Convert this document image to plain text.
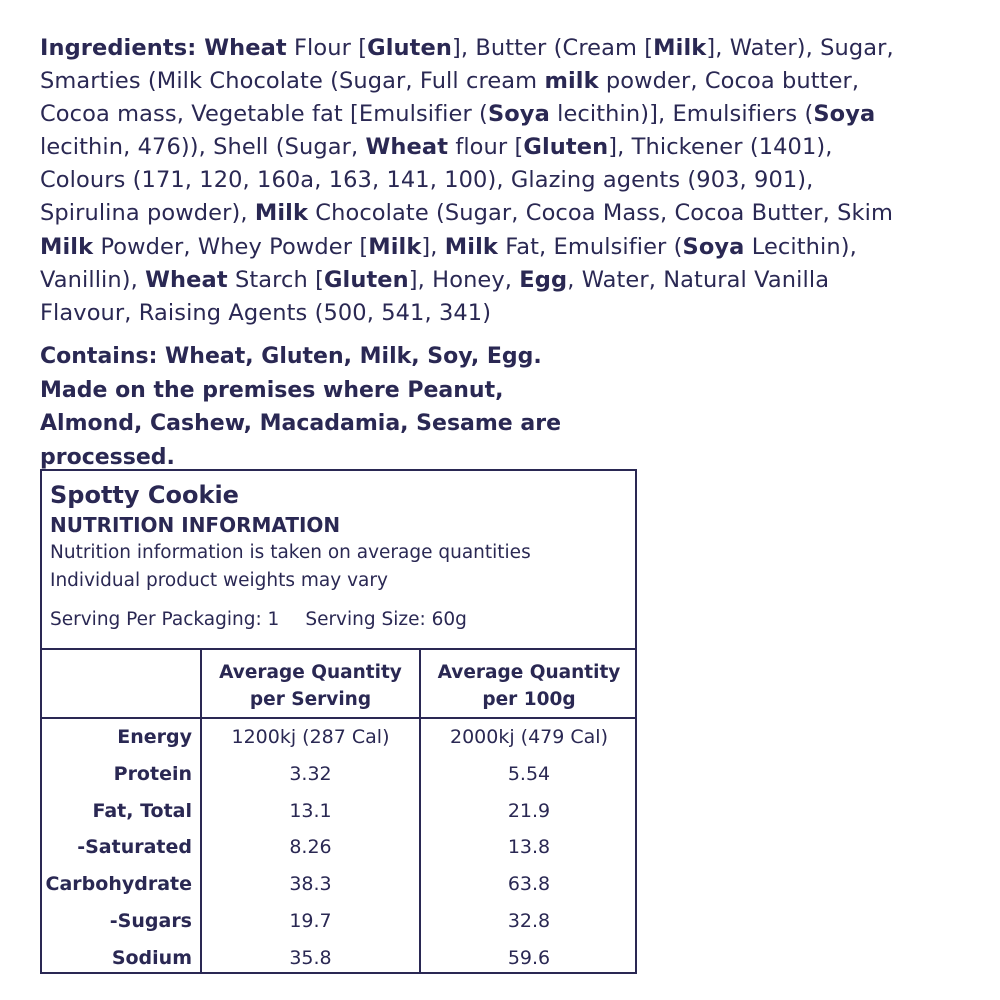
Ingredients: Wheat Flour [Gluten], Butter (Cream [Milk], Water), Sugar, Smarties (Milk Chocolate (Sugar, Full cream milk powder, Cocoa butter, Cocoa mass, Vegetable fat [Emulsifier (Soya lecithin)], Emulsifiers (Soya lecithin, 476)), Shell (Sugar, Wheat flour [Gluten], Thickener (1401), Colours (171, 120, 160a, 163, 141, 100), Glazing agents (903, 901), Spirulina powder), Milk Chocolate (Sugar, Cocoa Mass, Cocoa Butter, Skim Milk Powder, Whey Powder [Milk], Milk Fat, Emulsifier (Soya Lecithin), Vanillin), Wheat Starch [Gluten], Honey, Egg, Water, Natural Vanilla Flavour, Raising Agents (500, 541, 341)

Contains: Wheat, Gluten, Milk, Soy, Egg.
Made on the premises where Peanut, Almond, Cashew, Macadamia, Sesame are processed.
Spotty Cookie
NUTRITION INFORMATION
Nutrition information is taken on average quantities
Individual product weights may vary
Serving Per Packaging: 1 Serving Size: 60g
Average Quantity
per Serving
Average Quantity
per 100g
Energy	1200kj (287 Cal)	2000kj (479 Cal)
Protein	3.32	5.54
Fat, Total	13.1	21.9
-Saturated	8.26	13.8
Carbohydrate	38.3	63.8
-Sugars	19.7	32.8
Sodium	35.8	59.6
